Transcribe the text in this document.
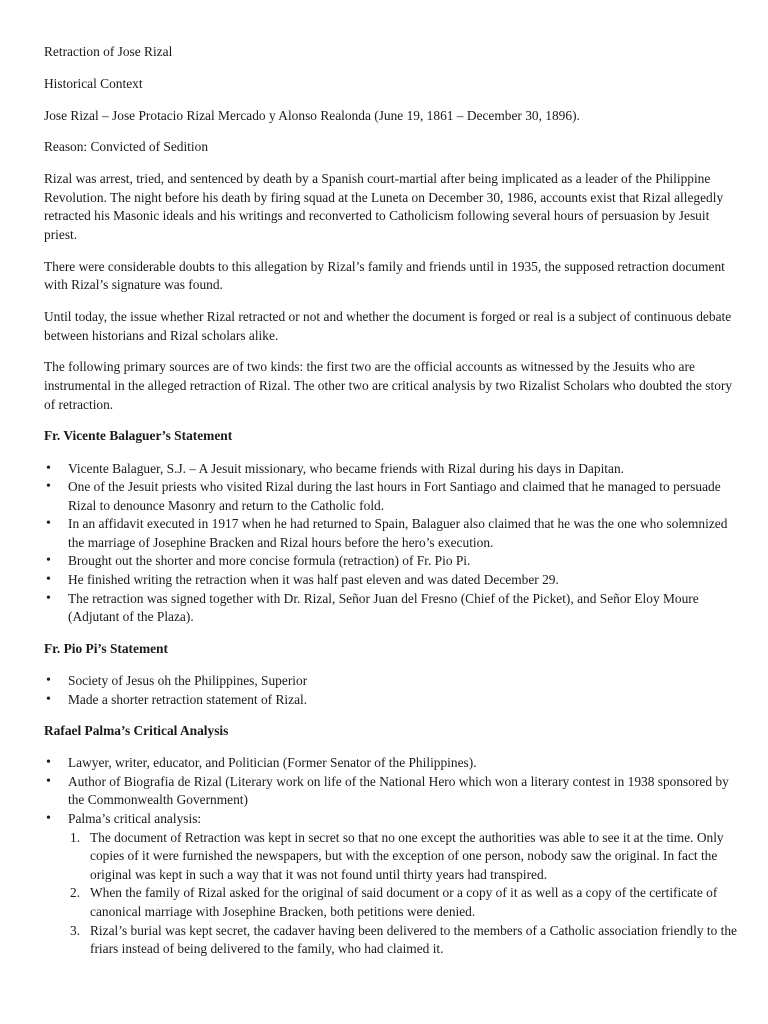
Retraction of Jose Rizal

Historical Context

Jose Rizal – Jose Protacio Rizal Mercado y Alonso Realonda (June 19, 1861 – December 30, 1896).

Reason: Convicted of Sedition

Rizal was arrest, tried, and sentenced by death by a Spanish court-martial after being implicated as a leader of the Philippine Revolution. The night before his death by firing squad at the Luneta on December 30, 1986, accounts exist that Rizal allegedly retracted his Masonic ideals and his writings and reconverted to Catholicism following several hours of persuasion by Jesuit priest.

There were considerable doubts to this allegation by Rizal’s family and friends until in 1935, the supposed retraction document with Rizal’s signature was found.

Until today, the issue whether Rizal retracted or not and whether the document is forged or real is a subject of continuous debate between historians and Rizal scholars alike.

The following primary sources are of two kinds: the first two are the official accounts as witnessed by the Jesuits who are instrumental in the alleged retraction of Rizal. The other two are critical analysis by two Rizalist Scholars who doubted the story of retraction.

Fr. Vicente Balaguer’s Statement
• Vicente Balaguer, S.J. – A Jesuit missionary, who became friends with Rizal during his days in Dapitan.
• One of the Jesuit priests who visited Rizal during the last hours in Fort Santiago and claimed that he managed to persuade Rizal to denounce Masonry and return to the Catholic fold.
• In an affidavit executed in 1917 when he had returned to Spain, Balaguer also claimed that he was the one who solemnized the marriage of Josephine Bracken and Rizal hours before the hero’s execution.
• Brought out the shorter and more concise formula (retraction) of Fr. Pio Pi.
• He finished writing the retraction when it was half past eleven and was dated December 29.
• The retraction was signed together with Dr. Rizal, Señor Juan del Fresno (Chief of the Picket), and Señor Eloy Moure (Adjutant of the Plaza).
Fr. Pio Pi’s Statement
• Society of Jesus oh the Philippines, Superior
• Made a shorter retraction statement of Rizal.
Rafael Palma’s Critical Analysis
• Lawyer, writer, educator, and Politician (Former Senator of the Philippines).
• Author of Biografia de Rizal (Literary work on life of the National Hero which won a literary contest in 1938 sponsored by the Commonwealth Government)
• Palma’s critical analysis:
The document of Retraction was kept in secret so that no one except the authorities was able to see it at the time. Only copies of it were furnished the newspapers, but with the exception of one person, nobody saw the original. In fact the original was kept in such a way that it was not found until thirty years had transpired.
When the family of Rizal asked for the original of said document or a copy of it as well as a copy of the certificate of canonical marriage with Josephine Bracken, both petitions were denied.
Rizal’s burial was kept secret, the cadaver having been delivered to the members of a Catholic association friendly to the friars instead of being delivered to the family, who had claimed it.
